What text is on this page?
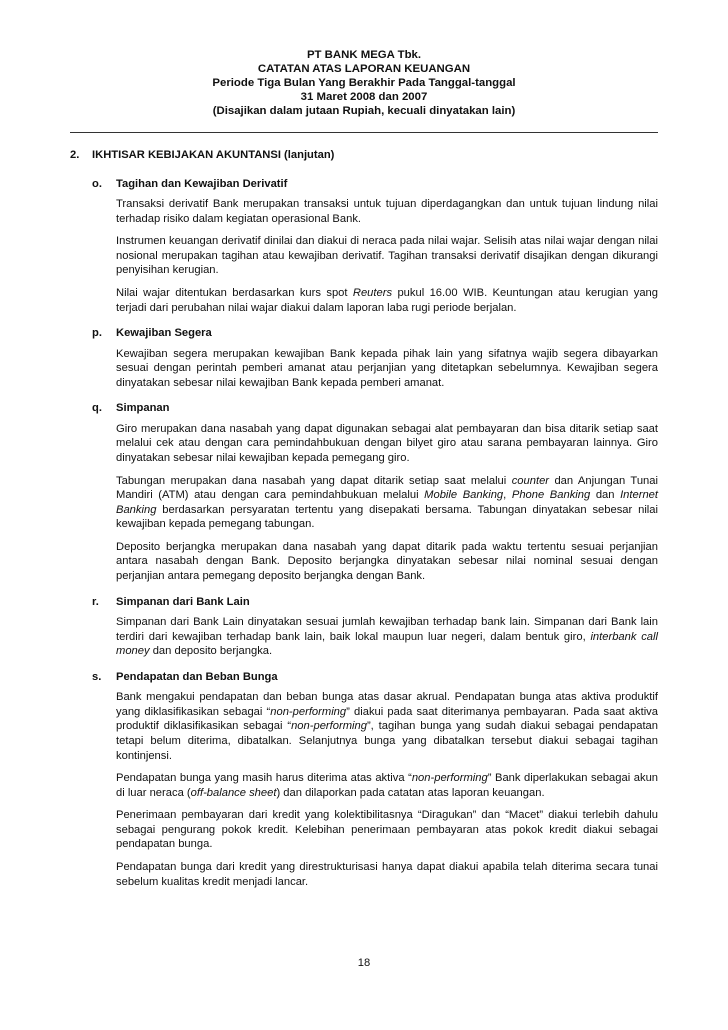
PT BANK MEGA Tbk.
CATATAN ATAS LAPORAN KEUANGAN
Periode Tiga Bulan Yang Berakhir Pada Tanggal-tanggal
31 Maret 2008 dan 2007
(Disajikan dalam jutaan Rupiah, kecuali dinyatakan lain)
2.	IKHTISAR KEBIJAKAN AKUNTANSI (lanjutan)
o.	Tagihan dan Kewajiban Derivatif

Transaksi derivatif Bank merupakan transaksi untuk tujuan diperdagangkan dan untuk tujuan lindung nilai terhadap risiko dalam kegiatan operasional Bank.

Instrumen keuangan derivatif dinilai dan diakui di neraca pada nilai wajar. Selisih atas nilai wajar dengan nilai nosional merupakan tagihan atau kewajiban derivatif. Tagihan transaksi derivatif disajikan dengan dikurangi penyisihan kerugian.

Nilai wajar ditentukan berdasarkan kurs spot Reuters pukul 16.00 WIB. Keuntungan atau kerugian yang terjadi dari perubahan nilai wajar diakui dalam laporan laba rugi periode berjalan.

p.	Kewajiban Segera

Kewajiban segera merupakan kewajiban Bank kepada pihak lain yang sifatnya wajib segera dibayarkan sesuai dengan perintah pemberi amanat atau perjanjian yang ditetapkan sebelumnya. Kewajiban segera dinyatakan sebesar nilai kewajiban Bank kepada pemberi amanat.

q.	Simpanan

Giro merupakan dana nasabah yang dapat digunakan sebagai alat pembayaran dan bisa ditarik setiap saat melalui cek atau dengan cara pemindahbukuan dengan bilyet giro atau sarana pembayaran lainnya. Giro dinyatakan sebesar nilai kewajiban kepada pemegang giro.

Tabungan merupakan dana nasabah yang dapat ditarik setiap saat melalui counter dan Anjungan Tunai Mandiri (ATM) atau dengan cara pemindahbukuan melalui Mobile Banking, Phone Banking dan Internet Banking berdasarkan persyaratan tertentu yang disepakati bersama. Tabungan dinyatakan sebesar nilai kewajiban kepada pemegang tabungan.

Deposito berjangka merupakan dana nasabah yang dapat ditarik pada waktu tertentu sesuai perjanjian antara nasabah dengan Bank. Deposito berjangka dinyatakan sebesar nilai nominal sesuai dengan perjanjian antara pemegang deposito berjangka dengan Bank.

r.	Simpanan dari Bank Lain

Simpanan dari Bank Lain dinyatakan sesuai jumlah kewajiban terhadap bank lain. Simpanan dari Bank lain terdiri dari kewajiban terhadap bank lain, baik lokal maupun luar negeri, dalam bentuk giro, interbank call money dan deposito berjangka.

s.	Pendapatan dan Beban Bunga

Bank mengakui pendapatan dan beban bunga atas dasar akrual. Pendapatan bunga atas aktiva produktif yang diklasifikasikan sebagai “non-performing” diakui pada saat diterimanya pembayaran. Pada saat aktiva produktif diklasifikasikan sebagai “non-performing”, tagihan bunga yang sudah diakui sebagai pendapatan tetapi belum diterima, dibatalkan. Selanjutnya bunga yang dibatalkan tersebut diakui sebagai tagihan kontinjensi.

Pendapatan bunga yang masih harus diterima atas aktiva “non-performing” Bank diperlakukan sebagai akun di luar neraca (off-balance sheet) dan dilaporkan pada catatan atas laporan keuangan.

Penerimaan pembayaran dari kredit yang kolektibilitasnya “Diragukan” dan “Macet” diakui terlebih dahulu sebagai pengurang pokok kredit. Kelebihan penerimaan pembayaran atas pokok kredit diakui sebagai pendapatan bunga.

Pendapatan bunga dari kredit yang direstrukturisasi hanya dapat diakui apabila telah diterima secara tunai sebelum kualitas kredit menjadi lancar.

18
